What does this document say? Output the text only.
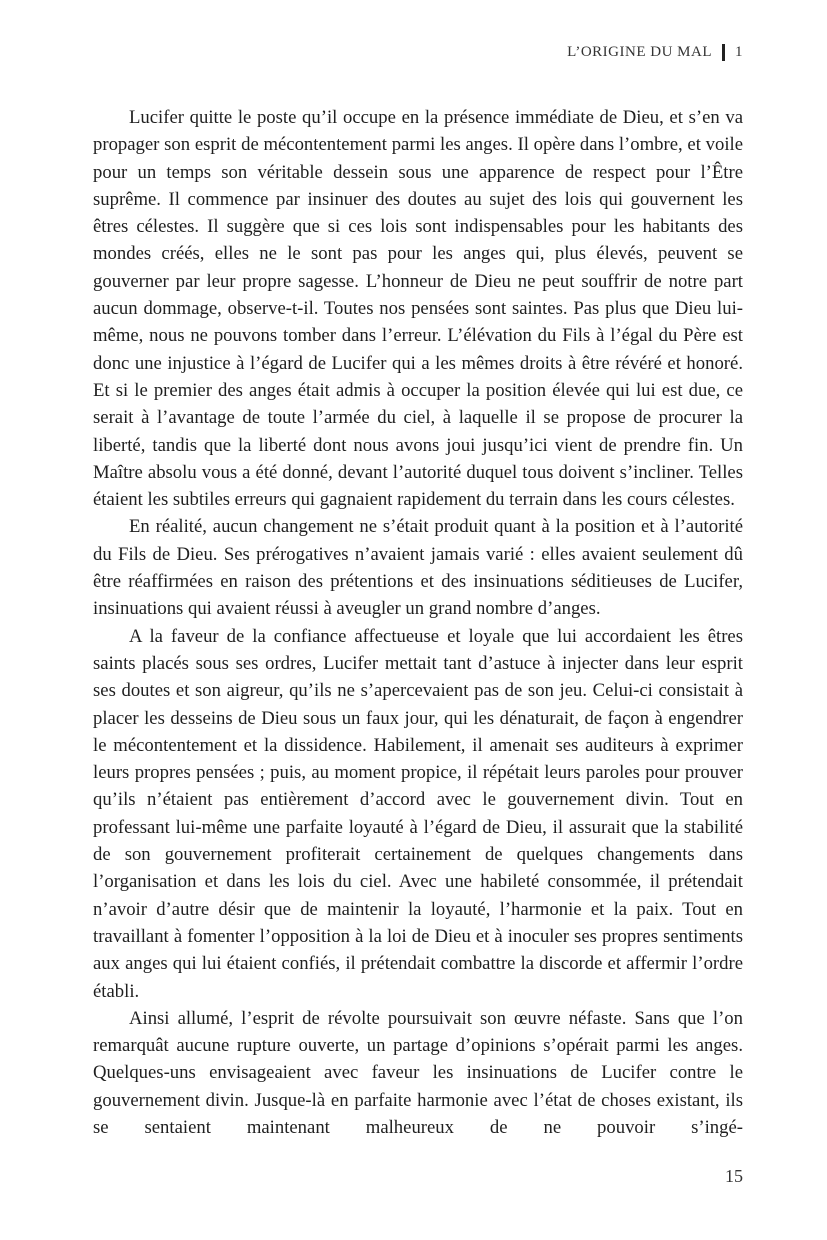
L’ORIGINE DU MAL 1

Lucifer quitte le poste qu’il occupe en la présence immédiate de Dieu, et s’en va propager son esprit de mécontentement parmi les anges. Il opère dans l’ombre, et voile pour un temps son véritable dessein sous une apparence de respect pour l’Être suprême. Il commence par insinuer des doutes au sujet des lois qui gouvernent les êtres célestes. Il suggère que si ces lois sont indispensables pour les habitants des mondes créés, elles ne le sont pas pour les anges qui, plus élevés, peuvent se gouverner par leur propre sagesse. L’honneur de Dieu ne peut souffrir de notre part aucun dommage, observe-t-il. Toutes nos pensées sont saintes. Pas plus que Dieu lui-même, nous ne pouvons tomber dans l’erreur. L’élévation du Fils à l’égal du Père est donc une injustice à l’égard de Lucifer qui a les mêmes droits à être révéré et honoré. Et si le premier des anges était admis à occuper la position élevée qui lui est due, ce serait à l’avantage de toute l’armée du ciel, à laquelle il se propose de procurer la liberté, tandis que la liberté dont nous avons joui jusqu’ici vient de prendre fin. Un Maître absolu vous a été donné, devant l’autorité duquel tous doivent s’incliner. Telles étaient les subtiles erreurs qui gagnaient rapidement du terrain dans les cours célestes.

En réalité, aucun changement ne s’était produit quant à la position et à l’autorité du Fils de Dieu. Ses prérogatives n’avaient jamais varié : elles avaient seulement dû être réaffirmées en raison des prétentions et des insinuations séditieuses de Lucifer, insinuations qui avaient réussi à aveugler un grand nombre d’anges.

A la faveur de la confiance affectueuse et loyale que lui accordaient les êtres saints placés sous ses ordres, Lucifer mettait tant d’astuce à injecter dans leur esprit ses doutes et son aigreur, qu’ils ne s’apercevaient pas de son jeu. Celui-ci consistait à placer les desseins de Dieu sous un faux jour, qui les dénaturait, de façon à engendrer le mécontentement et la dissidence. Habilement, il amenait ses auditeurs à exprimer leurs propres pensées ; puis, au moment propice, il répétait leurs paroles pour prouver qu’ils n’étaient pas entièrement d’accord avec le gouvernement divin. Tout en professant lui-même une parfaite loyauté à l’égard de Dieu, il assurait que la stabilité de son gouvernement profiterait certainement de quelques changements dans l’organisation et dans les lois du ciel. Avec une habileté consommée, il prétendait n’avoir d’autre désir que de maintenir la loyauté, l’harmonie et la paix. Tout en travaillant à fomenter l’opposition à la loi de Dieu et à inoculer ses propres sentiments aux anges qui lui étaient confiés, il prétendait combattre la discorde et affermir l’ordre établi.

Ainsi allumé, l’esprit de révolte poursuivait son œuvre néfaste. Sans que l’on remarquât aucune rupture ouverte, un partage d’opinions s’opérait parmi les anges. Quelques-uns envisageaient avec faveur les insinuations de Lucifer contre le gouvernement divin. Jusque-là en parfaite harmonie avec l’état de choses existant, ils se sentaient maintenant malheureux de ne pouvoir s’ingé-

15
